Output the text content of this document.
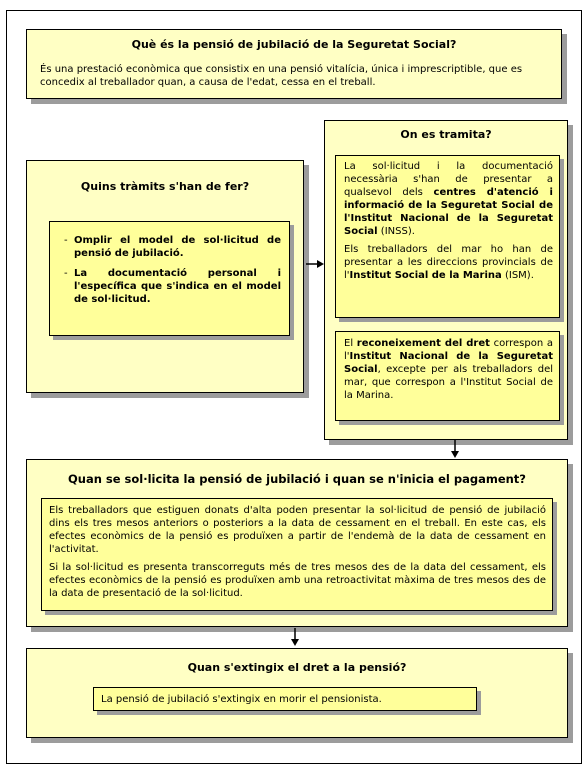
Què és la pensió de jubilació de la Seguretat Social?
És una prestació econòmica que consistix en una pensió vitalícia, única i imprescriptible, que es concedix al treballador quan, a causa de l'edat, cessa en el treball.
Quins tràmits s'han de fer?
- Omplir el model de sol·licitud de pensió de jubilació.
- La documentació personal i l'específica que s'indica en el model de sol·licitud.
On es tramita?

La sol·licitud i la documentació necessària s'han de presentar a qualsevol dels centres d'atenció i informació de la Seguretat Social de l'Institut Nacional de la Seguretat Social (INSS).

Els treballadors del mar ho han de presentar a les direccions provincials de l'Institut Social de la Marina (ISM).

El reconeixement del dret correspon a l'Institut Nacional de la Seguretat Social, excepte per als treballadors del mar, que correspon a l'Institut Social de la Marina.
Quan se sol·licita la pensió de jubilació i quan se n'inicia el pagament?

Els treballadors que estiguen donats d'alta poden presentar la sol·licitud de pensió de jubilació dins els tres mesos anteriors o posteriors a la data de cessament en el treball. En este cas, els efectes econòmics de la pensió es produïxen a partir de l'endemà de la data de cessament en l'activitat.

Si la sol·licitud es presenta transcorreguts més de tres mesos des de la data del cessament, els efectes econòmics de la pensió es produïxen amb una retroactivitat màxima de tres mesos des de la data de presentació de la sol·licitud.

Quan s'extingix el dret a la pensió?
La pensió de jubilació s'extingix en morir el pensionista.
